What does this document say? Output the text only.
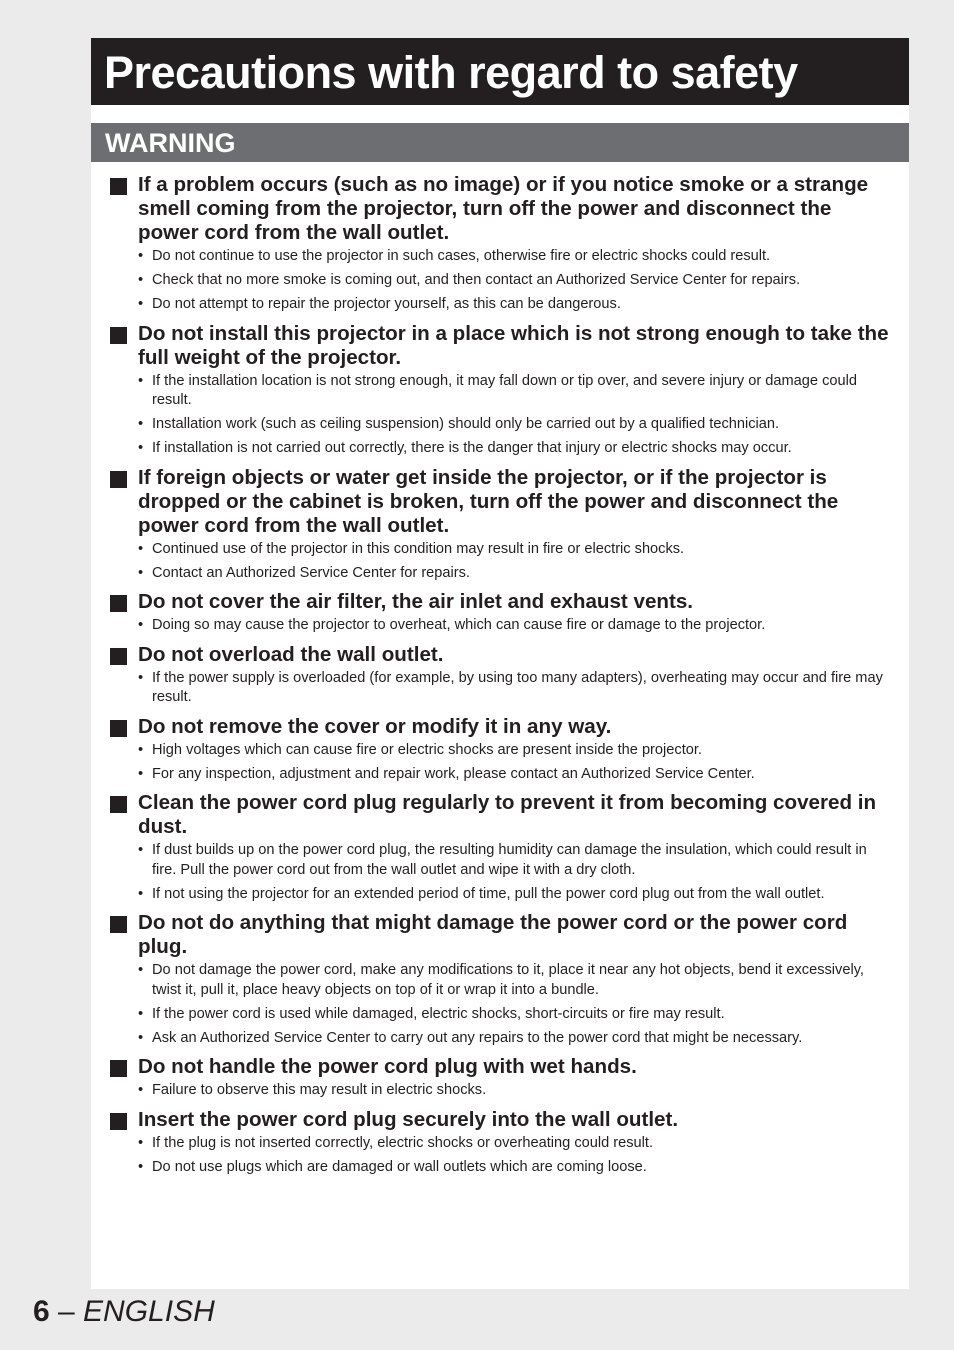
Precautions with regard to safety
WARNING
If a problem occurs (such as no image) or if you notice smoke or a strange smell coming from the projector, turn off the power and disconnect the power cord from the wall outlet.
• Do not continue to use the projector in such cases, otherwise fire or electric shocks could result.
• Check that no more smoke is coming out, and then contact an Authorized Service Center for repairs.
• Do not attempt to repair the projector yourself, as this can be dangerous.
Do not install this projector in a place which is not strong enough to take the full weight of the projector.
• If the installation location is not strong enough, it may fall down or tip over, and severe injury or damage could result.
• Installation work (such as ceiling suspension) should only be carried out by a qualified technician.
• If installation is not carried out correctly, there is the danger that injury or electric shocks may occur.
If foreign objects or water get inside the projector, or if the projector is dropped or the cabinet is broken, turn off the power and disconnect the power cord from the wall outlet.
• Continued use of the projector in this condition may result in fire or electric shocks.
• Contact an Authorized Service Center for repairs.
Do not cover the air filter, the air inlet and exhaust vents.
• Doing so may cause the projector to overheat, which can cause fire or damage to the projector.
Do not overload the wall outlet.
• If the power supply is overloaded (for example, by using too many adapters), overheating may occur and fire may result.
Do not remove the cover or modify it in any way.
• High voltages which can cause fire or electric shocks are present inside the projector.
• For any inspection, adjustment and repair work, please contact an Authorized Service Center.
Clean the power cord plug regularly to prevent it from becoming covered in dust.
• If dust builds up on the power cord plug, the resulting humidity can damage the insulation, which could result in fire. Pull the power cord out from the wall outlet and wipe it with a dry cloth.
• If not using the projector for an extended period of time, pull the power cord plug out from the wall outlet.
Do not do anything that might damage the power cord or the power cord plug.
• Do not damage the power cord, make any modifications to it, place it near any hot objects, bend it excessively, twist it, pull it, place heavy objects on top of it or wrap it into a bundle.
• If the power cord is used while damaged, electric shocks, short-circuits or fire may result.
• Ask an Authorized Service Center to carry out any repairs to the power cord that might be necessary.
Do not handle the power cord plug with wet hands.
• Failure to observe this may result in electric shocks.
Insert the power cord plug securely into the wall outlet.
• If the plug is not inserted correctly, electric shocks or overheating could result.
• Do not use plugs which are damaged or wall outlets which are coming loose.
6 – ENGLISH
